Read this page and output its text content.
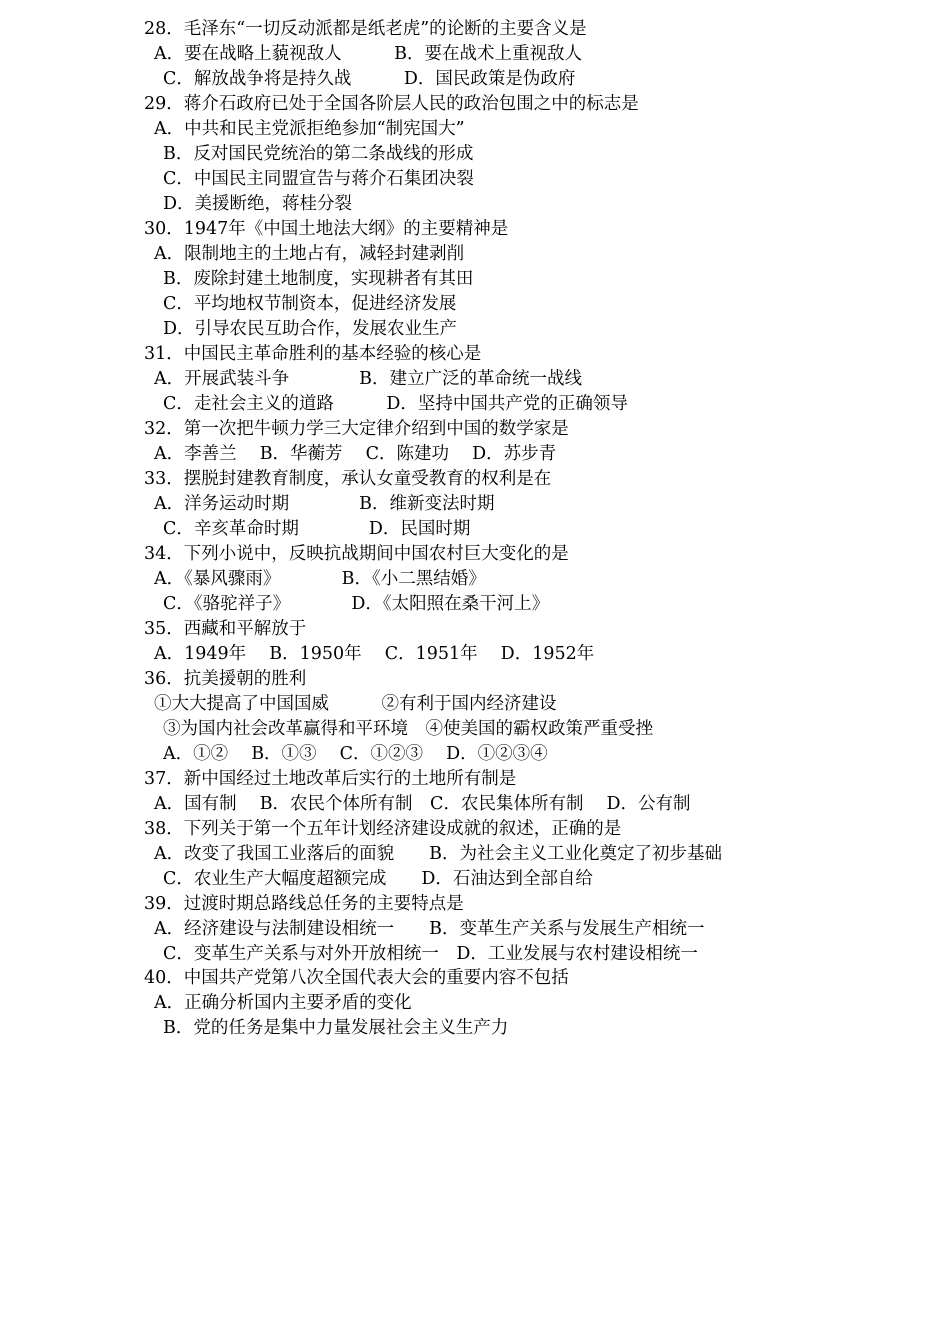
28．毛泽东“一切反动派都是纸老虎”的论断的主要含义是
A．要在战略上藐视敌人　　　B．要在战术上重视敌人
C．解放战争将是持久战　　　D．国民政策是伪政府
29．蒋介石政府已处于全国各阶层人民的政治包围之中的标志是
A．中共和民主党派拒绝参加“制宪国大”
B．反对国民党统治的第二条战线的形成
C．中国民主同盟宣告与蒋介石集团决裂
D．美援断绝，蒋桂分裂
30．1947年《中国土地法大纲》的主要精神是
A．限制地主的土地占有，减轻封建剥削
B．废除封建土地制度，实现耕者有其田
C．平均地权节制资本，促进经济发展
D．引导农民互助合作，发展农业生产
31．中国民主革命胜利的基本经验的核心是
A．开展武装斗争　　　　B．建立广泛的革命统一战线
C．走社会主义的道路　　　D．坚持中国共产党的正确领导
32．第一次把牛顿力学三大定律介绍到中国的数学家是
A．李善兰　 B．华蘅芳　 C．陈建功　 D．苏步青
33．摆脱封建教育制度，承认女童受教育的权利是在
A．洋务运动时期　　　　B．维新变法时期
C．辛亥革命时期　　　　D．民国时期
34．下列小说中，反映抗战期间中国农村巨大变化的是
A．《暴风骤雨》　　　　B．《小二黑结婚》
C．《骆驼祥子》　　　　D．《太阳照在桑干河上》
35．西藏和平解放于
A．1949年　 B．1950年　 C．1951年　 D．1952年
36．抗美援朝的胜利
①大大提高了中国国威　　　②有利于国内经济建设
③为国内社会改革赢得和平环境　④使美国的霸权政策严重受挫
A．①②　 B．①③　 C．①②③　 D．①②③④
37．新中国经过土地改革后实行的土地所有制是
A．国有制　 B．农民个体所有制　C．农民集体所有制　 D．公有制
38．下列关于第一个五年计划经济建设成就的叙述，正确的是
A．改变了我国工业落后的面貌　　B．为社会主义工业化奠定了初步基础
C．农业生产大幅度超额完成　　D．石油达到全部自给
39．过渡时期总路线总任务的主要特点是
A．经济建设与法制建设相统一　　B．变革生产关系与发展生产相统一
C．变革生产关系与对外开放相统一　D．工业发展与农村建设相统一
40．中国共产党第八次全国代表大会的重要内容不包括
A．正确分析国内主要矛盾的变化
B．党的任务是集中力量发展社会主义生产力
